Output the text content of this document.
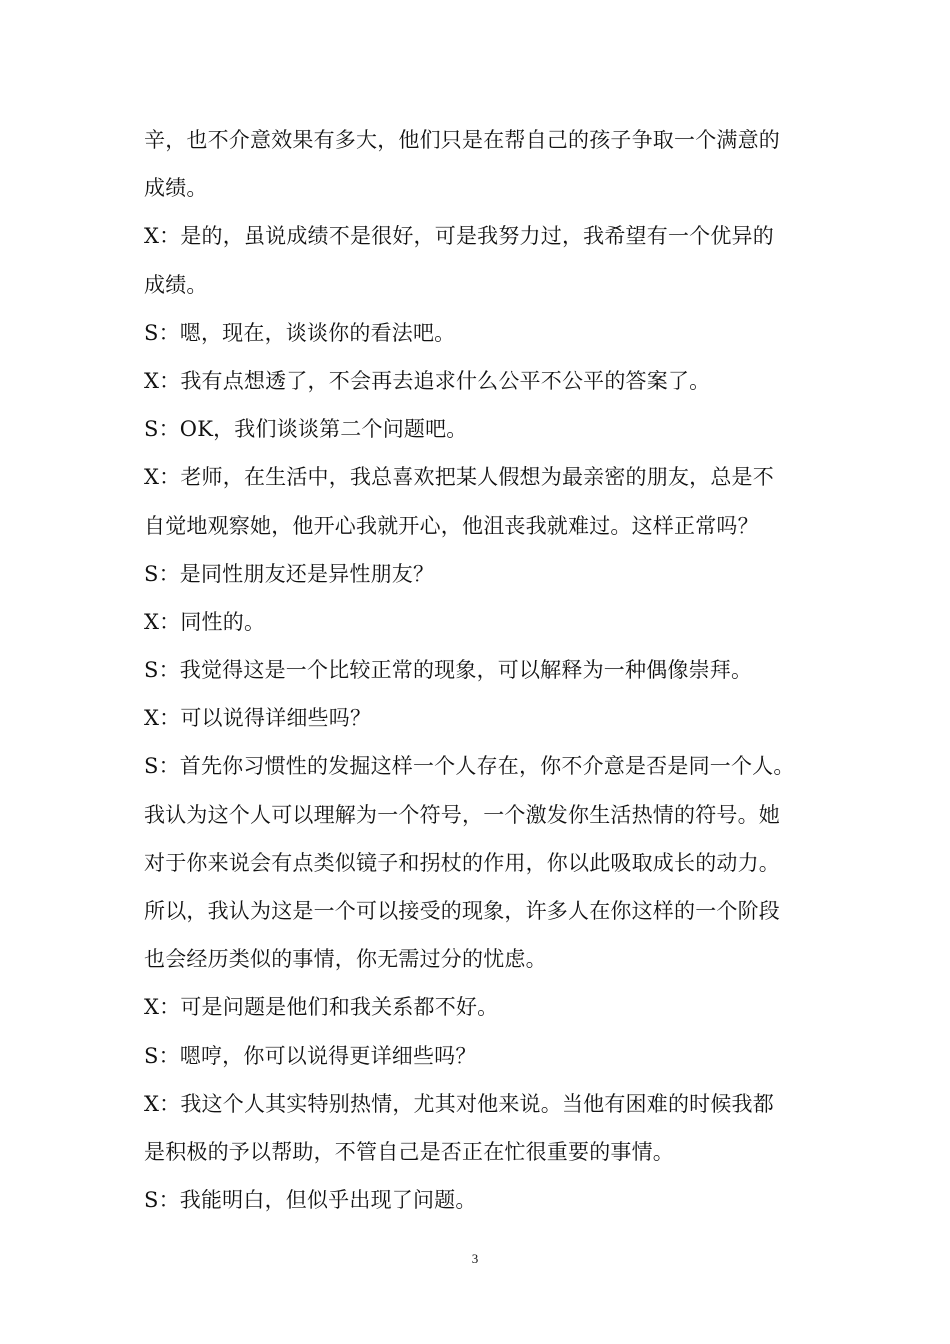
辛，也不介意效果有多大，他们只是在帮自己的孩子争取一个满意的
成绩。
X：是的，虽说成绩不是很好，可是我努力过，我希望有一个优异的
成绩。
S：嗯，现在，谈谈你的看法吧。
X：我有点想透了，不会再去追求什么公平不公平的答案了。
S：OK，我们谈谈第二个问题吧。
X：老师，在生活中，我总喜欢把某人假想为最亲密的朋友，总是不
自觉地观察她，他开心我就开心，他沮丧我就难过。这样正常吗？
S：是同性朋友还是异性朋友？
X：同性的。
S：我觉得这是一个比较正常的现象，可以解释为一种偶像崇拜。
X：可以说得详细些吗？
S：首先你习惯性的发掘这样一个人存在，你不介意是否是同一个人。
我认为这个人可以理解为一个符号，一个激发你生活热情的符号。她
对于你来说会有点类似镜子和拐杖的作用，你以此吸取成长的动力。
所以，我认为这是一个可以接受的现象，许多人在你这样的一个阶段
也会经历类似的事情，你无需过分的忧虑。
X：可是问题是他们和我关系都不好。
S：嗯哼，你可以说得更详细些吗？
X：我这个人其实特别热情，尤其对他来说。当他有困难的时候我都
是积极的予以帮助，不管自己是否正在忙很重要的事情。
S：我能明白，但似乎出现了问题。
3
